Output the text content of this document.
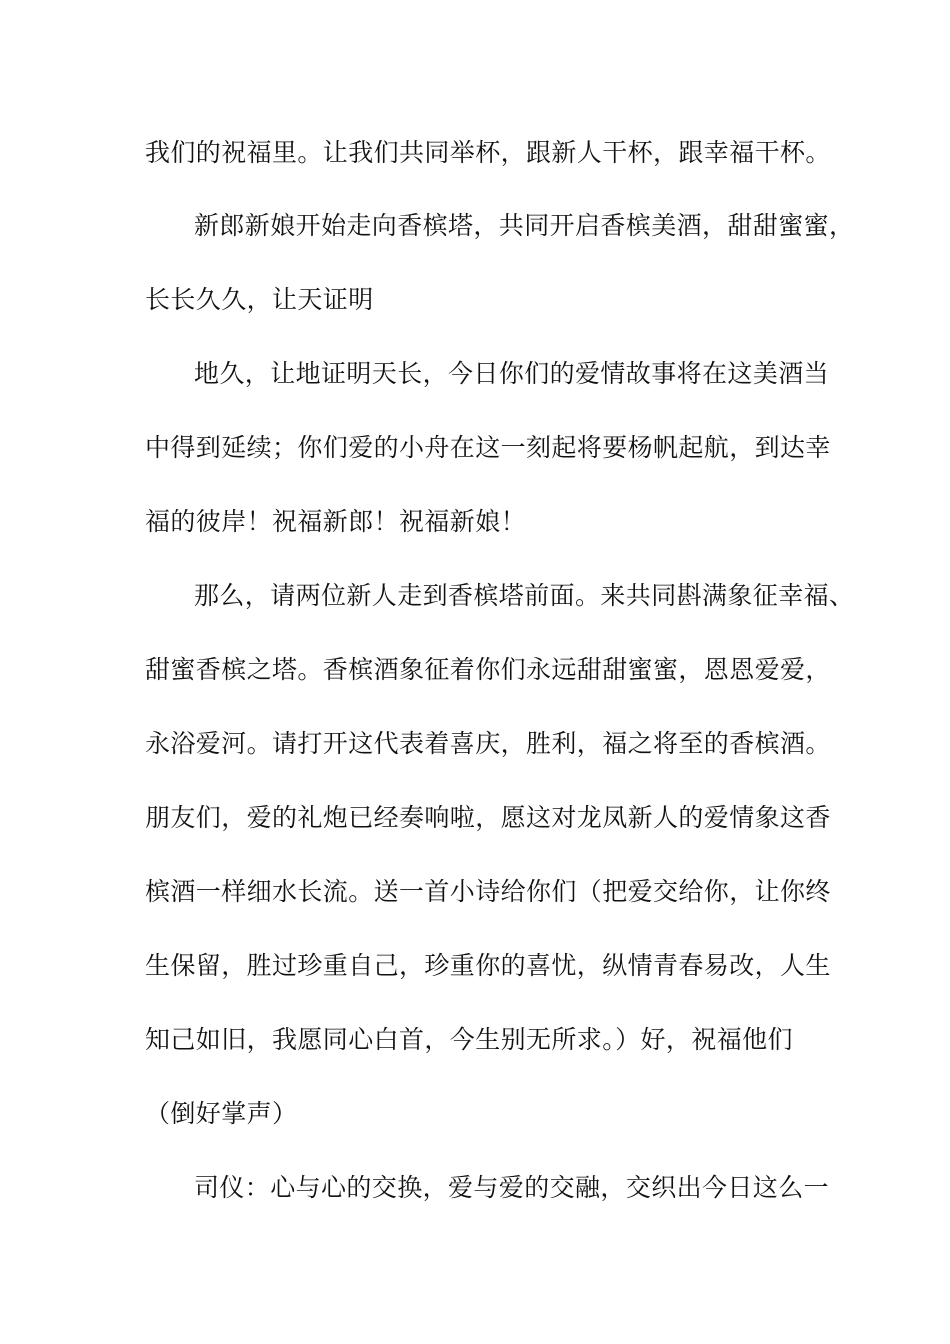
我们的祝福里。让我们共同举杯，跟新人干杯，跟幸福干杯。
新郎新娘开始走向香槟塔，共同开启香槟美酒，甜甜蜜蜜，
长长久久，让天证明
地久，让地证明天长，今日你们的爱情故事将在这美酒当
中得到延续；你们爱的小舟在这一刻起将要杨帆起航，到达幸
福的彼岸！祝福新郎！祝福新娘！
那么，请两位新人走到香槟塔前面。来共同斟满象征幸福、
甜蜜香槟之塔。香槟酒象征着你们永远甜甜蜜蜜，恩恩爱爱，
永浴爱河。请打开这代表着喜庆，胜利，福之将至的香槟酒。
朋友们，爱的礼炮已经奏响啦，愿这对龙凤新人的爱情象这香
槟酒一样细水长流。送一首小诗给你们（把爱交给你，让你终
生保留，胜过珍重自己，珍重你的喜忧，纵情青春易改，人生
知己如旧，我愿同心白首，今生别无所求。）好，祝福他们
（倒好掌声）
司仪：心与心的交换，爱与爱的交融，交织出今日这么一
